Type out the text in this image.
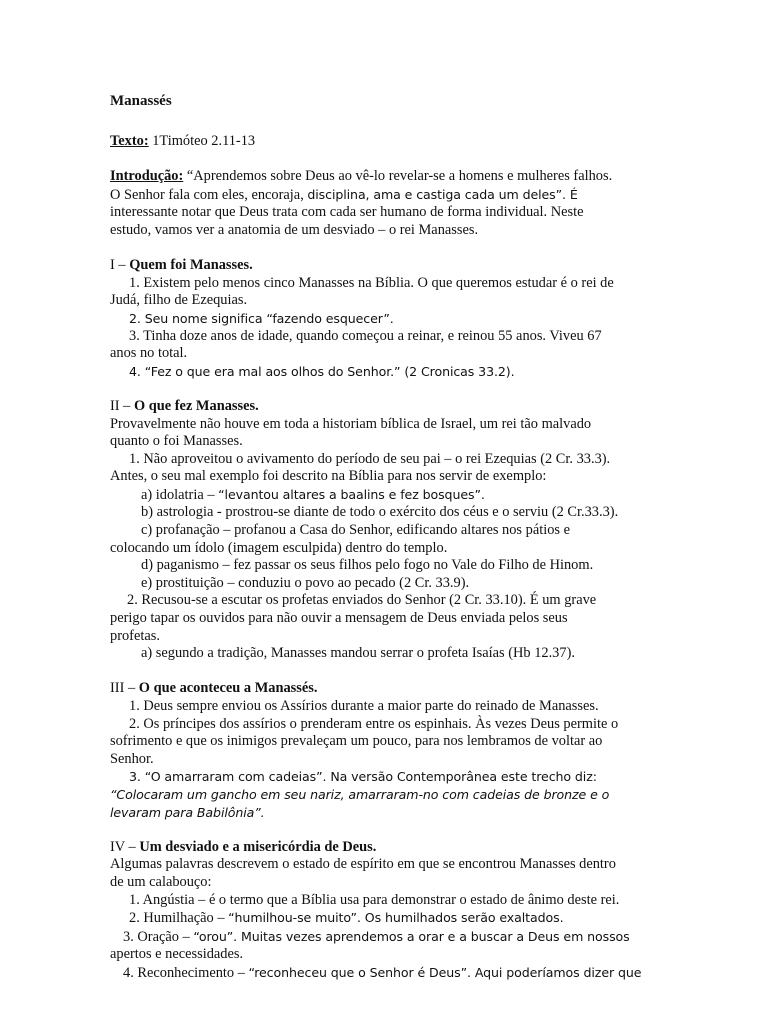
Manassés

Texto: 1Timóteo 2.11-13

Introdução: “Aprendemos sobre Deus ao vê-lo revelar-se a homens e mulheres falhos.

O Senhor fala com eles, encoraja, disciplina, ama e castiga cada um deles”. É

interessante notar que Deus trata com cada ser humano de forma individual. Neste

estudo, vamos ver a anatomia de um desviado – o rei Manasses.

I – Quem foi Manasses.

1. Existem pelo menos cinco Manasses na Bíblia. O que queremos estudar é o rei de

Judá, filho de Ezequias.

2. Seu nome significa “fazendo esquecer”.

3. Tinha doze anos de idade, quando começou a reinar, e reinou 55 anos. Viveu 67

anos no total.

4. “Fez o que era mal aos olhos do Senhor.” (2 Cronicas 33.2).

II – O que fez Manasses.

Provavelmente não houve em toda a historiam bíblica de Israel, um rei tão malvado

quanto o foi Manasses.

1. Não aproveitou o avivamento do período de seu pai – o rei Ezequias (2 Cr. 33.3).

Antes, o seu mal exemplo foi descrito na Bíblia para nos servir de exemplo:

a) idolatria – “levantou altares a baalins e fez bosques”.

b) astrologia - prostrou-se diante de todo o exército dos céus e o serviu (2 Cr.33.3).

c) profanação – profanou a Casa do Senhor, edificando altares nos pátios e

colocando um ídolo (imagem esculpida) dentro do templo.

d) paganismo – fez passar os seus filhos pelo fogo no Vale do Filho de Hinom.

e) prostituição – conduziu o povo ao pecado (2 Cr. 33.9).

2. Recusou-se a escutar os profetas enviados do Senhor (2 Cr. 33.10). É um grave

perigo tapar os ouvidos para não ouvir a mensagem de Deus enviada pelos seus

profetas.

a) segundo a tradição, Manasses mandou serrar o profeta Isaías (Hb 12.37).

III – O que aconteceu a Manassés.

1. Deus sempre enviou os Assírios durante a maior parte do reinado de Manasses.

2. Os príncipes dos assírios o prenderam entre os espinhais. Às vezes Deus permite o

sofrimento e que os inimigos prevaleçam um pouco, para nos lembramos de voltar ao

Senhor.

3. “O amarraram com cadeias”. Na versão Contemporânea este trecho diz:

“Colocaram um gancho em seu nariz, amarraram-no com cadeias de bronze e o

levaram para Babilônia”.

IV – Um desviado e a misericórdia de Deus.

Algumas palavras descrevem o estado de espírito em que se encontrou Manasses dentro

de um calabouço:

1. Angústia – é o termo que a Bíblia usa para demonstrar o estado de ânimo deste rei.

2. Humilhação – “humilhou-se muito”. Os humilhados serão exaltados.

3. Oração – “orou”. Muitas vezes aprendemos a orar e a buscar a Deus em nossos

apertos e necessidades.

4. Reconhecimento – “reconheceu que o Senhor é Deus”. Aqui poderíamos dizer que
